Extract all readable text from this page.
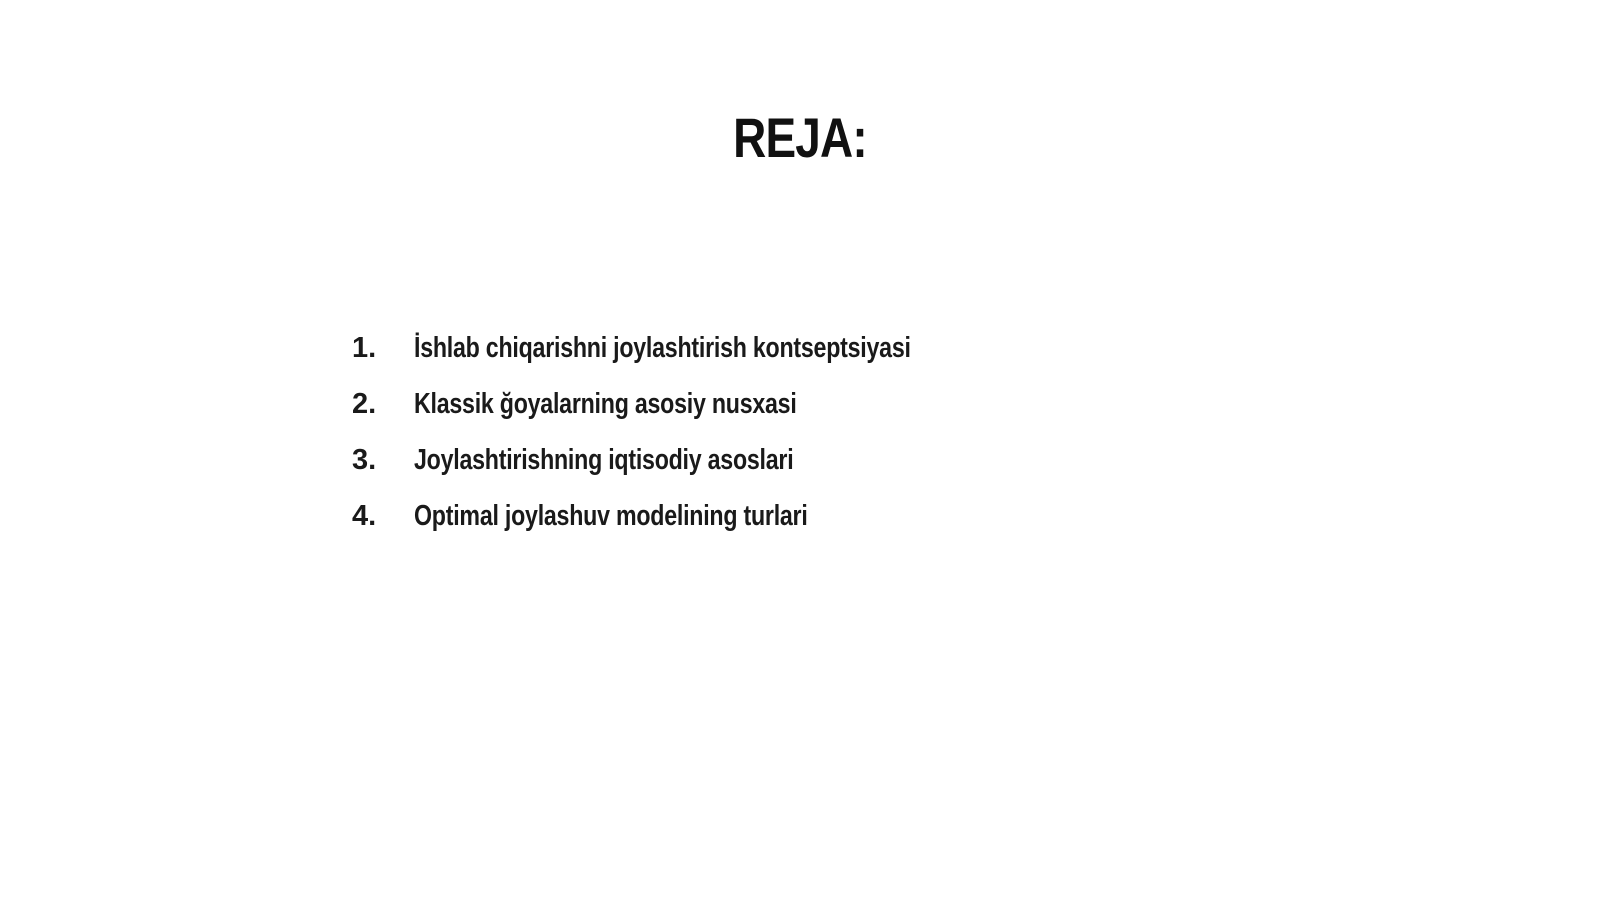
REJA:
1.	İshlab chiqarishni joylashtirish kontseptsiyasi
2.	Klassik ğoyalarning asosiy nusxasi
3.	Joylashtirishning iqtisodiy asoslari
4.	Optimal joylashuv modelining turlari
